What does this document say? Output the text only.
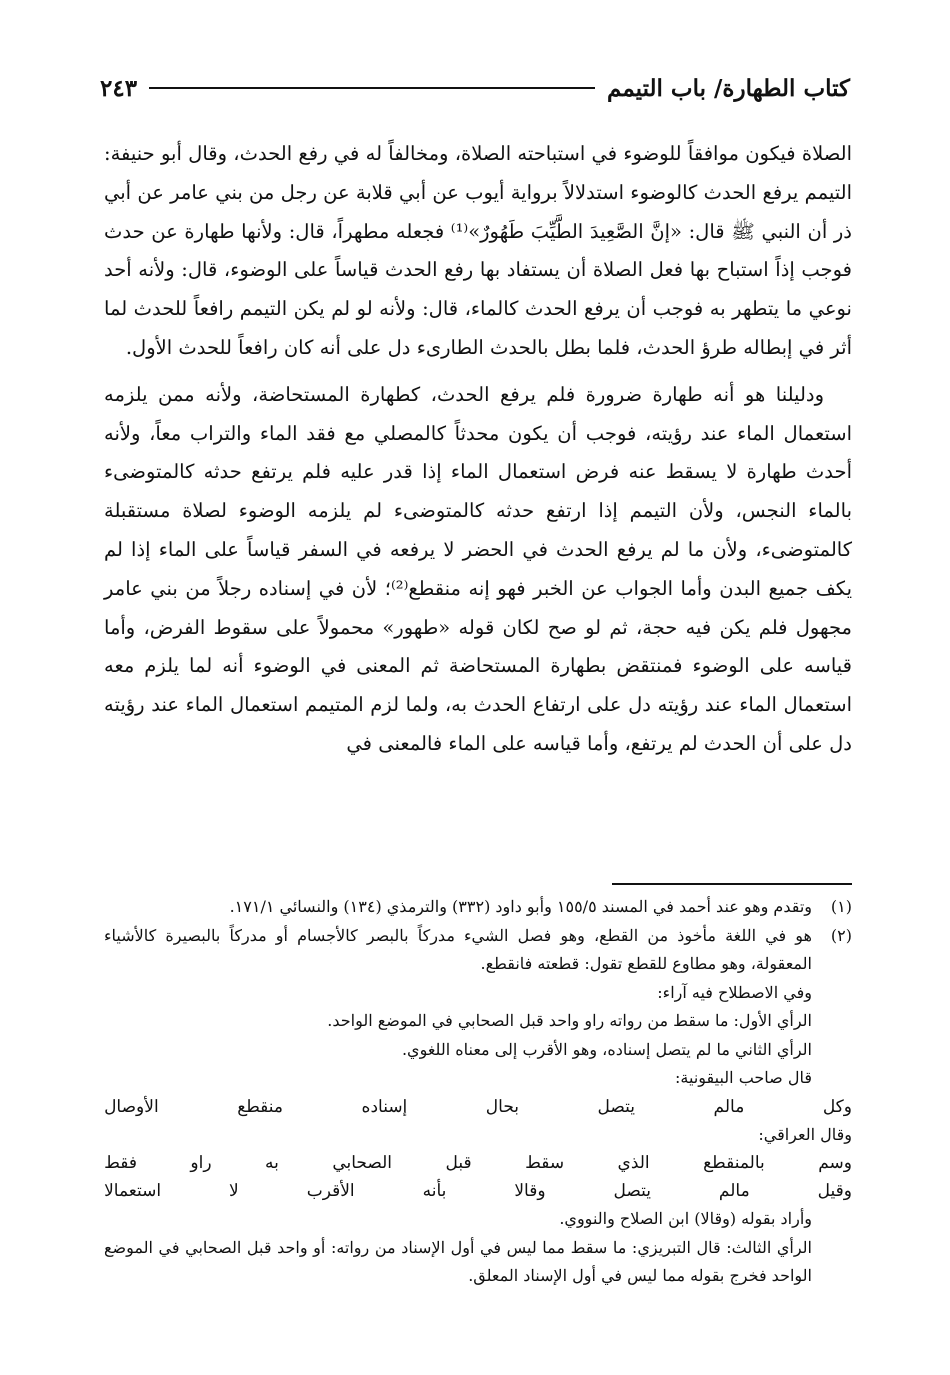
كتاب الطهارة/ باب التيمم
٢٤٣

الصلاة فيكون موافقاً للوضوء في استباحته الصلاة، ومخالفاً له في رفع الحدث، وقال أبو حنيفة: التيمم يرفع الحدث كالوضوء استدلالاً برواية أيوب عن أبي قلابة عن رجل من بني عامر عن أبي ذر أن النبي ﷺ قال: «إنَّ الصَّعِيدَ الطَّيِّبَ طَهُورٌ»⁽¹⁾ فجعله مطهراً، قال: ولأنها طهارة عن حدث فوجب إذاً استباح بها فعل الصلاة أن يستفاد بها رفع الحدث قياساً على الوضوء، قال: ولأنه أحد نوعي ما يتطهر به فوجب أن يرفع الحدث كالماء، قال: ولأنه لو لم يكن التيمم رافعاً للحدث لما أثر في إبطاله طرؤ الحدث، فلما بطل بالحدث الطارىء دل على أنه كان رافعاً للحدث الأول.

ودليلنا هو أنه طهارة ضرورة فلم يرفع الحدث، كطهارة المستحاضة، ولأنه ممن يلزمه استعمال الماء عند رؤيته، فوجب أن يكون محدثاً كالمصلي مع فقد الماء والتراب معاً، ولأنه أحدث طهارة لا يسقط عنه فرض استعمال الماء إذا قدر عليه فلم يرتفع حدثه كالمتوضىء بالماء النجس، ولأن التيمم إذا ارتفع حدثه كالمتوضىء لم يلزمه الوضوء لصلاة مستقبلة كالمتوضىء، ولأن ما لم يرفع الحدث في الحضر لا يرفعه في السفر قياساً على الماء إذا لم يكف جميع البدن وأما الجواب عن الخبر فهو إنه منقطع⁽²⁾؛ لأن في إسناده رجلاً من بني عامر مجهول فلم يكن فيه حجة، ثم لو صح لكان قوله «طهور» محمولاً على سقوط الفرض، وأما قياسه على الوضوء فمنتقض بطهارة المستحاضة ثم المعنى في الوضوء أنه لما يلزم معه استعمال الماء عند رؤيته دل على ارتفاع الحدث به، ولما لزم المتيمم استعمال الماء عند رؤيته دل على أن الحدث لم يرتفع، وأما قياسه على الماء فالمعنى في

(١)
وتقدم وهو عند أحمد في المسند ١٥٥/٥ وأبو داود (٣٣٢) والترمذي (١٣٤) والنسائي ١٧١/١.
(٢)
هو في اللغة مأخوذ من القطع، وهو فصل الشيء مدركاً بالبصر كالأجسام أو مدركاً بالبصيرة كالأشياء المعقولة، وهو مطاوع للقطع تقول: قطعته فانقطع.
وفي الاصطلاح فيه آراء:
الرأي الأول: ما سقط من رواته راو واحد قبل الصحابي في الموضع الواحد.
الرأي الثاني ما لم يتصل إسناده، وهو الأقرب إلى معناه اللغوي.
قال صاحب البيقونية:
وكل
مالم
يتصل
بحال
إسناده
منقطع
الأوصال
وقال العراقي:
وسم
بالمنقطع
الذي
سقط
قبل
الصحابي
به
راو
فقط
وقيل
مالم
يتصل
وقالا
بأنه
الأقرب
لا
استعمالا
وأراد بقوله (وقالا) ابن الصلاح والنووي.
الرأي الثالث: قال التبريزي: ما سقط مما ليس في أول الإسناد من رواته: أو واحد قبل الصحابي في الموضع الواحد فخرج بقوله مما ليس في أول الإسناد المعلق.
